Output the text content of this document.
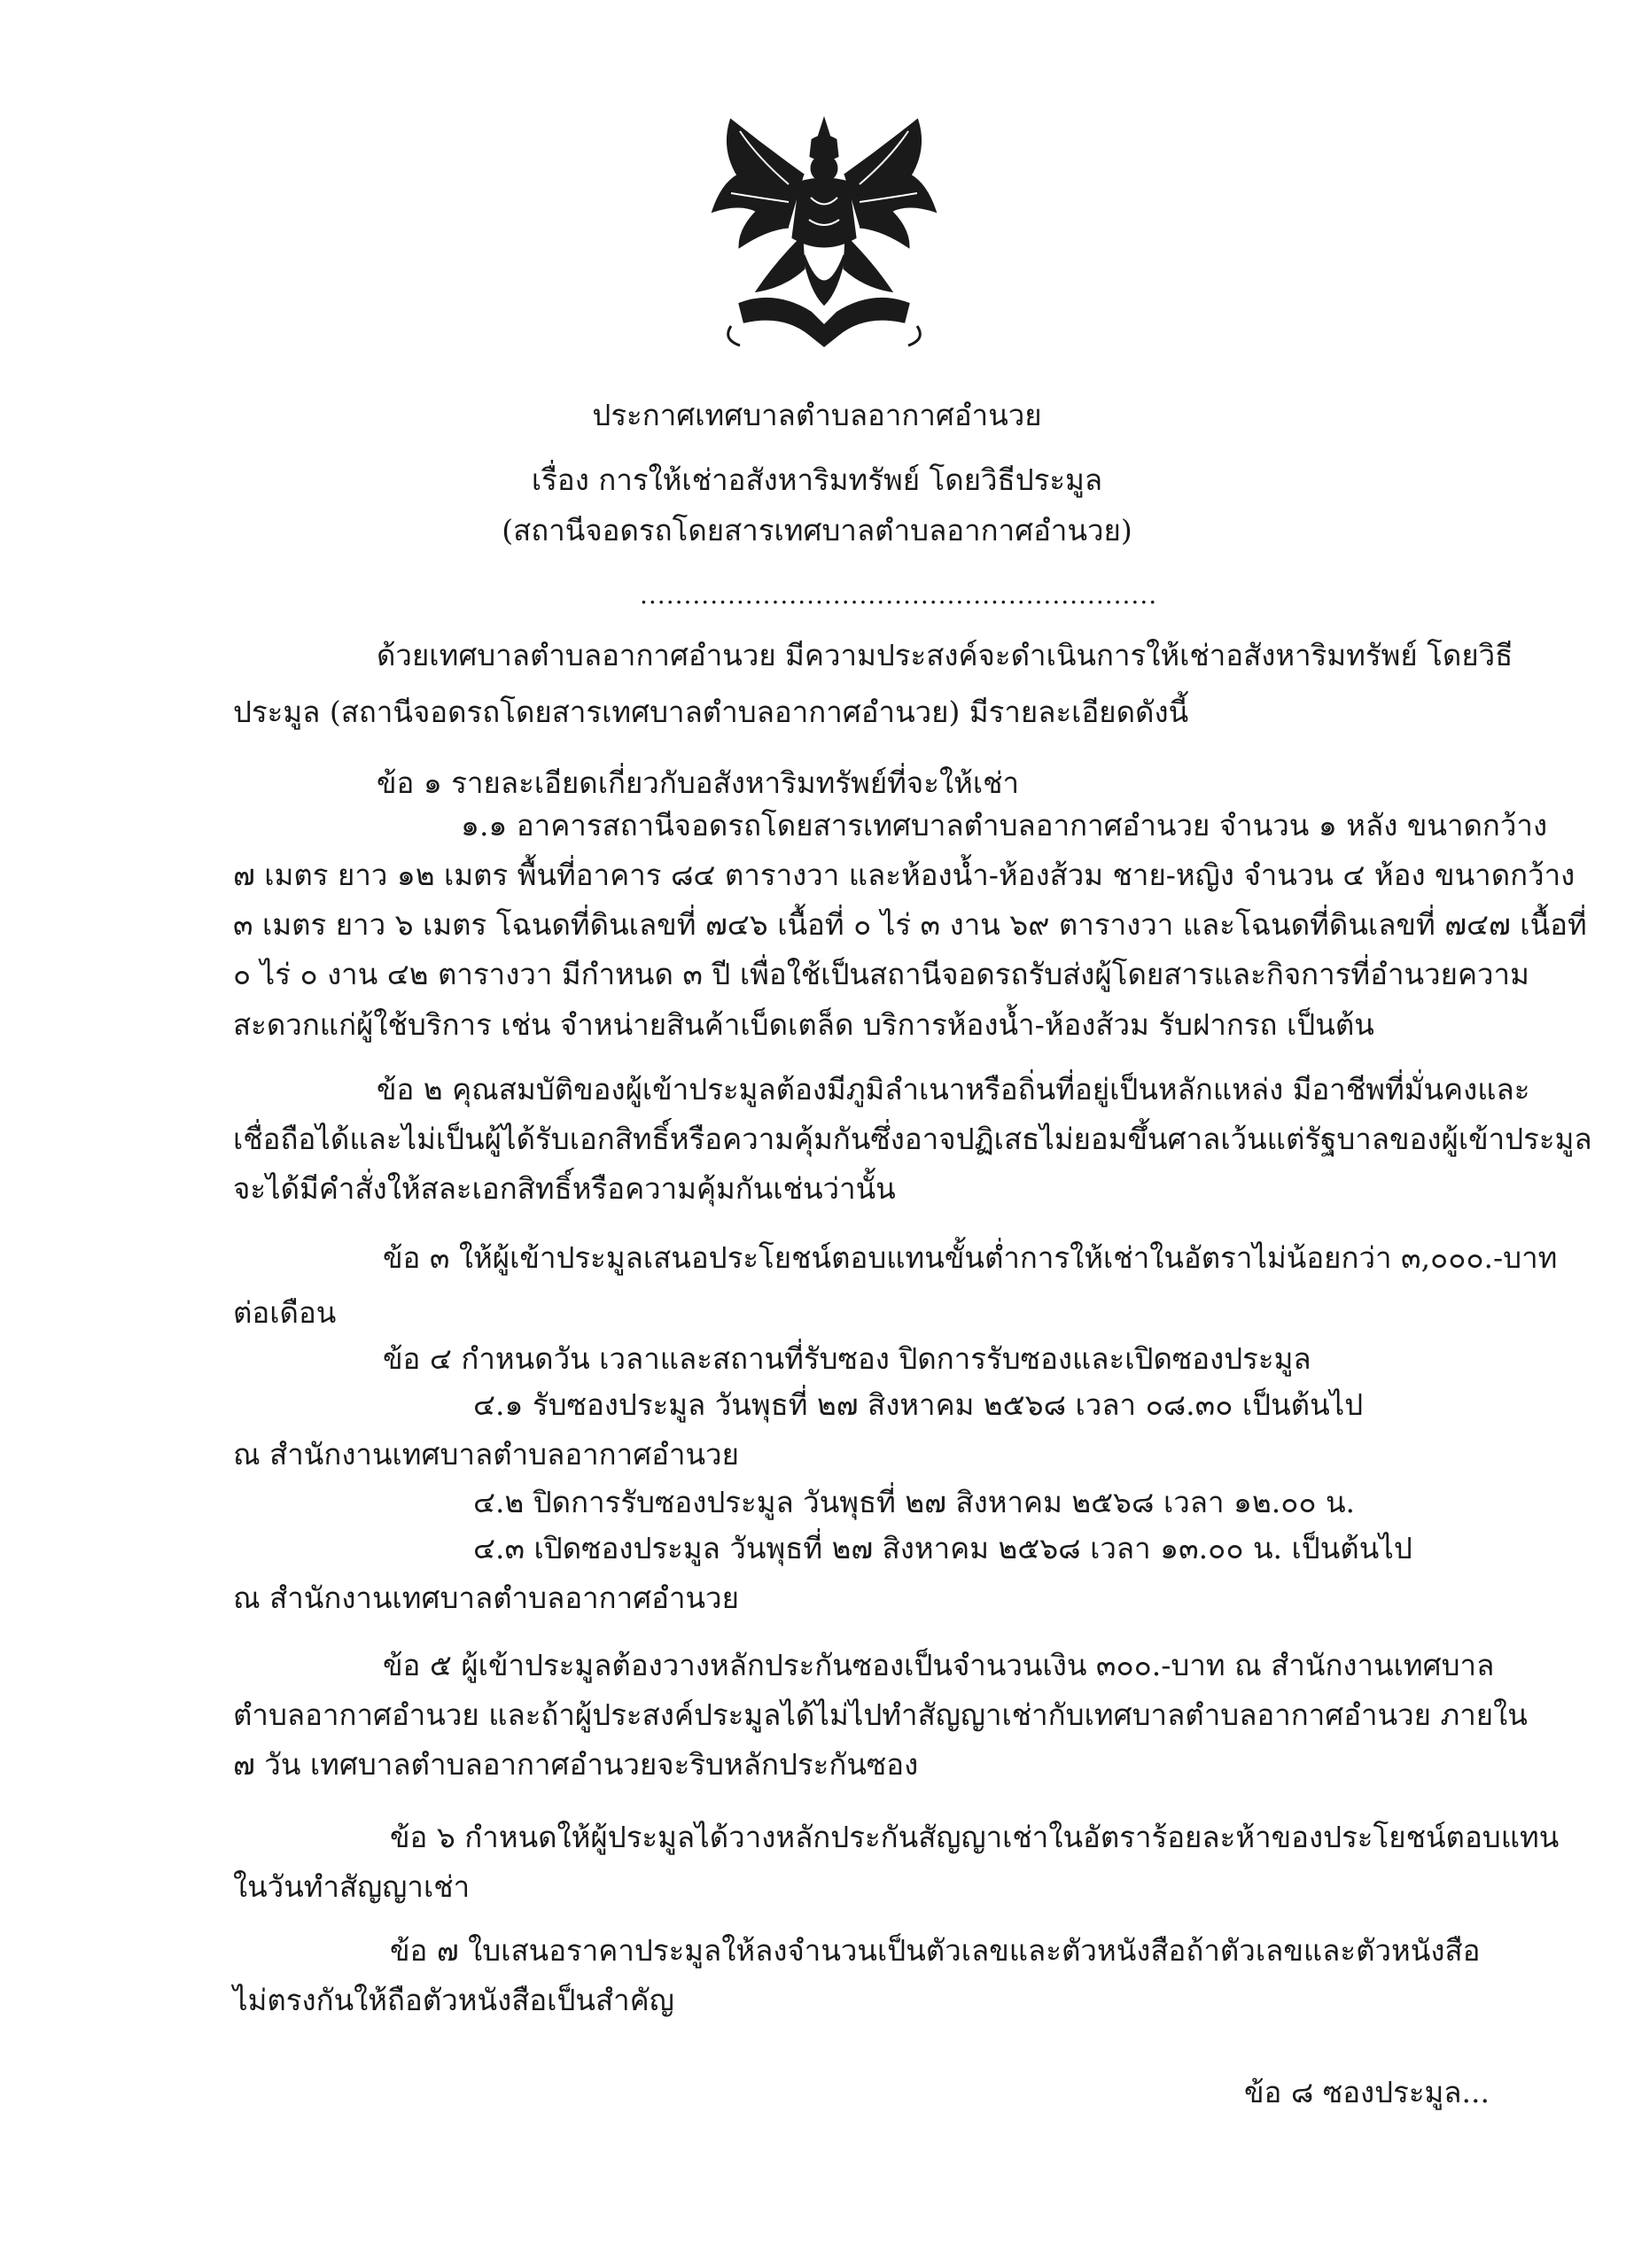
ประกาศเทศบาลตำบลอากาศอำนวย
เรื่อง การให้เช่าอสังหาริมทรัพย์ โดยวิธีประมูล
(สถานีจอดรถโดยสารเทศบาลตำบลอากาศอำนวย)
...........................................................
ด้วยเทศบาลตำบลอากาศอำนวย มีความประสงค์จะดำเนินการให้เช่าอสังหาริมทรัพย์ โดยวิธี
ประมูล (สถานีจอดรถโดยสารเทศบาลตำบลอากาศอำนวย) มีรายละเอียดดังนี้
ข้อ ๑ รายละเอียดเกี่ยวกับอสังหาริมทรัพย์ที่จะให้เช่า
๑.๑ อาคารสถานีจอดรถโดยสารเทศบาลตำบลอากาศอำนวย จำนวน ๑ หลัง ขนาดกว้าง
๗ เมตร ยาว ๑๒ เมตร พื้นที่อาคาร ๘๔ ตารางวา และห้องน้ำ-ห้องส้วม ชาย-หญิง จำนวน ๔ ห้อง ขนาดกว้าง
๓ เมตร ยาว ๖ เมตร โฉนดที่ดินเลขที่ ๗๔๖ เนื้อที่ ๐ ไร่ ๓ งาน ๖๙ ตารางวา และโฉนดที่ดินเลขที่ ๗๔๗ เนื้อที่
๐ ไร่ ๐ งาน ๔๒ ตารางวา มีกำหนด ๓ ปี เพื่อใช้เป็นสถานีจอดรถรับส่งผู้โดยสารและกิจการที่อำนวยความ
สะดวกแก่ผู้ใช้บริการ เช่น จำหน่ายสินค้าเบ็ดเตล็ด บริการห้องน้ำ-ห้องส้วม รับฝากรถ เป็นต้น
ข้อ ๒ คุณสมบัติของผู้เข้าประมูลต้องมีภูมิลำเนาหรือถิ่นที่อยู่เป็นหลักแหล่ง มีอาชีพที่มั่นคงและ
เชื่อถือได้และไม่เป็นผู้ได้รับเอกสิทธิ์หรือความคุ้มกันซึ่งอาจปฏิเสธไม่ยอมขึ้นศาลเว้นแต่รัฐบาลของผู้เข้าประมูล
จะได้มีคำสั่งให้สละเอกสิทธิ์หรือความคุ้มกันเช่นว่านั้น
ข้อ ๓ ให้ผู้เข้าประมูลเสนอประโยชน์ตอบแทนขั้นต่ำการให้เช่าในอัตราไม่น้อยกว่า ๓,๐๐๐.-บาท
ต่อเดือน
ข้อ ๔ กำหนดวัน เวลาและสถานที่รับซอง ปิดการรับซองและเปิดซองประมูล
๔.๑ รับซองประมูล วันพุธที่ ๒๗ สิงหาคม ๒๕๖๘ เวลา ๐๘.๓๐ เป็นต้นไป
ณ สำนักงานเทศบาลตำบลอากาศอำนวย
๔.๒ ปิดการรับซองประมูล วันพุธที่ ๒๗ สิงหาคม ๒๕๖๘ เวลา ๑๒.๐๐ น.
๔.๓ เปิดซองประมูล วันพุธที่ ๒๗ สิงหาคม ๒๕๖๘ เวลา ๑๓.๐๐ น. เป็นต้นไป
ณ สำนักงานเทศบาลตำบลอากาศอำนวย
ข้อ ๕ ผู้เข้าประมูลต้องวางหลักประกันซองเป็นจำนวนเงิน ๓๐๐.-บาท ณ สำนักงานเทศบาล
ตำบลอากาศอำนวย และถ้าผู้ประสงค์ประมูลได้ไม่ไปทำสัญญาเช่ากับเทศบาลตำบลอากาศอำนวย ภายใน
๗ วัน เทศบาลตำบลอากาศอำนวยจะริบหลักประกันซอง
ข้อ ๖ กำหนดให้ผู้ประมูลได้วางหลักประกันสัญญาเช่าในอัตราร้อยละห้าของประโยชน์ตอบแทน
ในวันทำสัญญาเช่า
ข้อ ๗ ใบเสนอราคาประมูลให้ลงจำนวนเป็นตัวเลขและตัวหนังสือถ้าตัวเลขและตัวหนังสือ
ไม่ตรงกันให้ถือตัวหนังสือเป็นสำคัญ
ข้อ ๘ ซองประมูล...
